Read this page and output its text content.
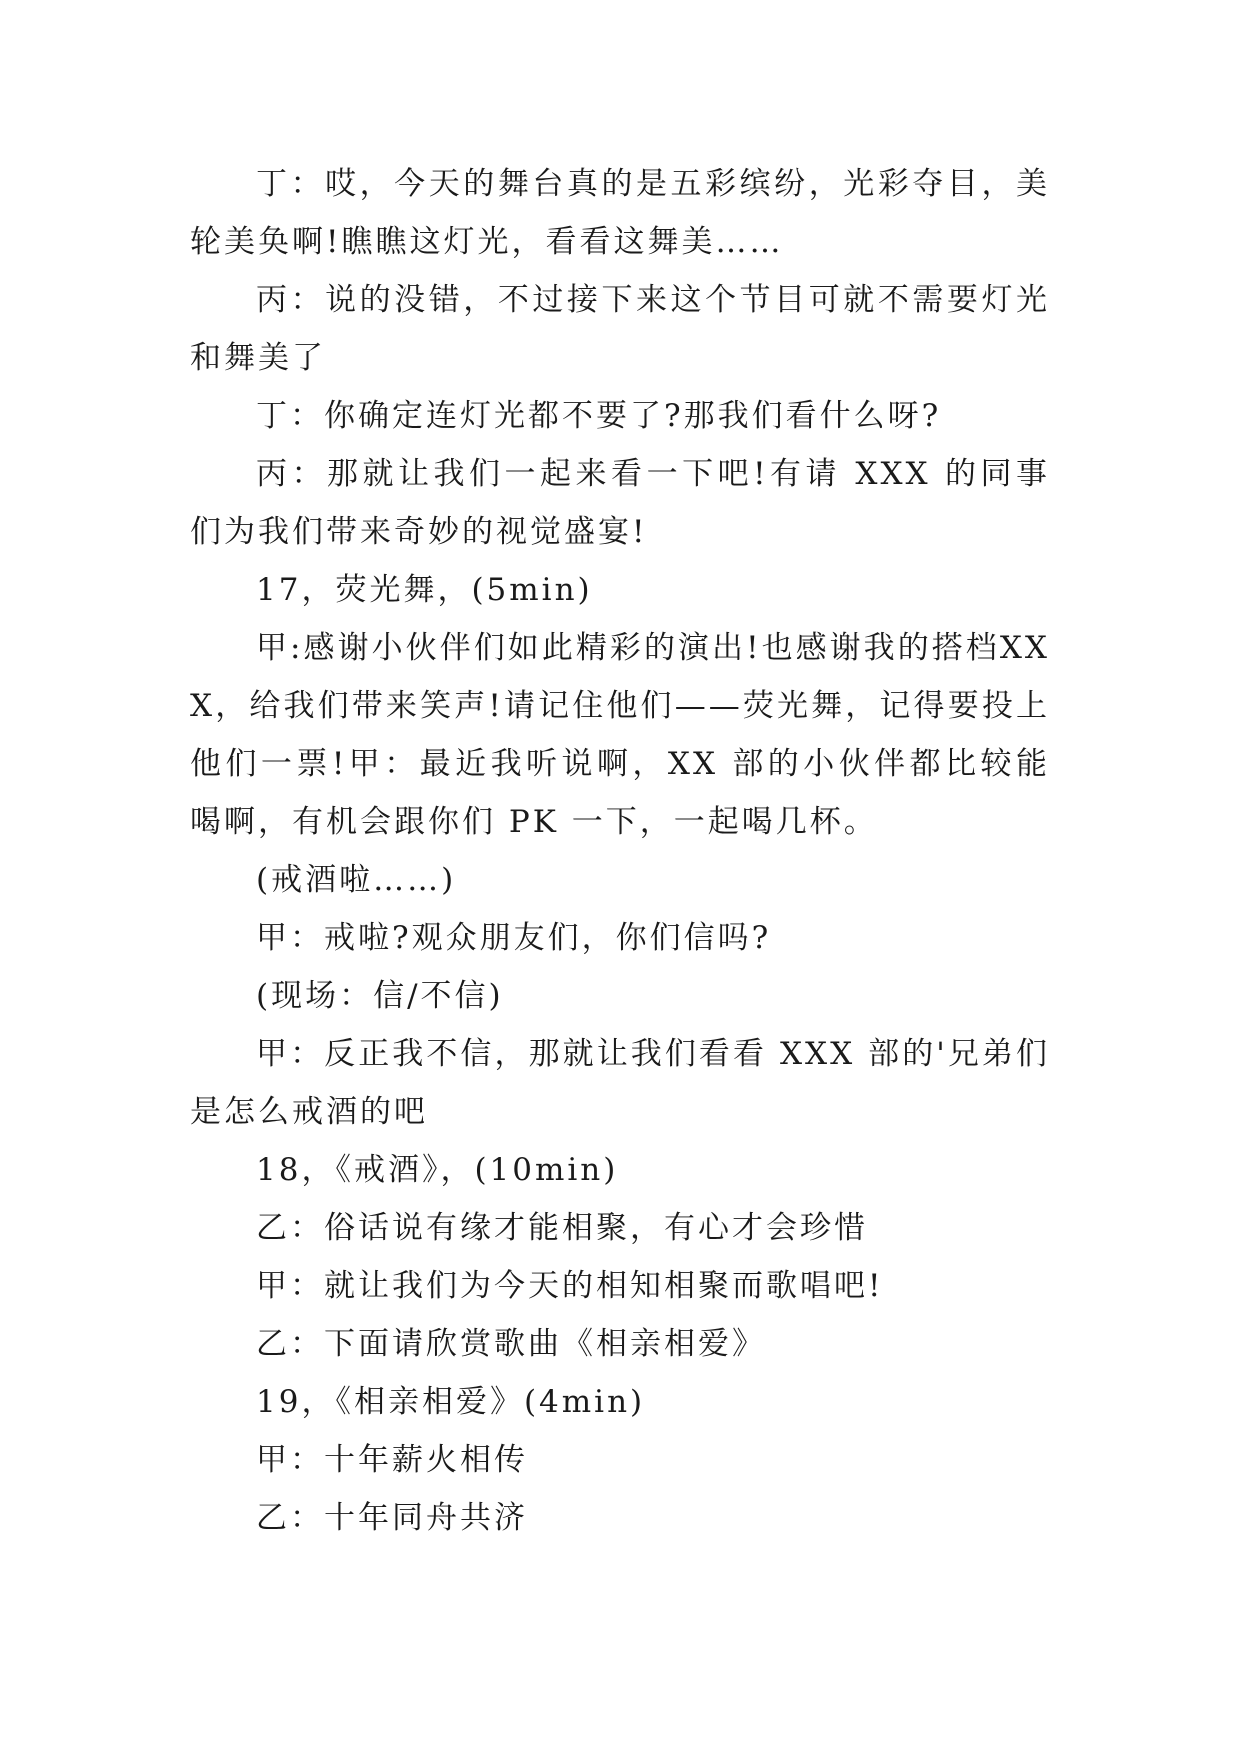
丁：哎，今天的舞台真的是五彩缤纷，光彩夺目，美轮美奂啊!瞧瞧这灯光，看看这舞美……

丙：说的没错，不过接下来这个节目可就不需要灯光和舞美了

丁：你确定连灯光都不要了?那我们看什么呀?

丙：那就让我们一起来看一下吧!有请 XXX 的同事们为我们带来奇妙的视觉盛宴!

17，荧光舞，(5min)

甲:感谢小伙伴们如此精彩的演出!也感谢我的搭档XXX，给我们带来笑声!请记住他们——荧光舞，记得要投上他们一票!甲：最近我听说啊，XX 部的小伙伴都比较能喝啊，有机会跟你们 PK 一下，一起喝几杯。

(戒酒啦……)

甲：戒啦?观众朋友们，你们信吗?

(现场：信/不信)

甲：反正我不信，那就让我们看看 XXX 部的'兄弟们是怎么戒酒的吧

18，《戒酒》，(10min)

乙：俗话说有缘才能相聚，有心才会珍惜

甲：就让我们为今天的相知相聚而歌唱吧!

乙：下面请欣赏歌曲《相亲相爱》

19，《相亲相爱》(4min)

甲：十年薪火相传

乙：十年同舟共济
